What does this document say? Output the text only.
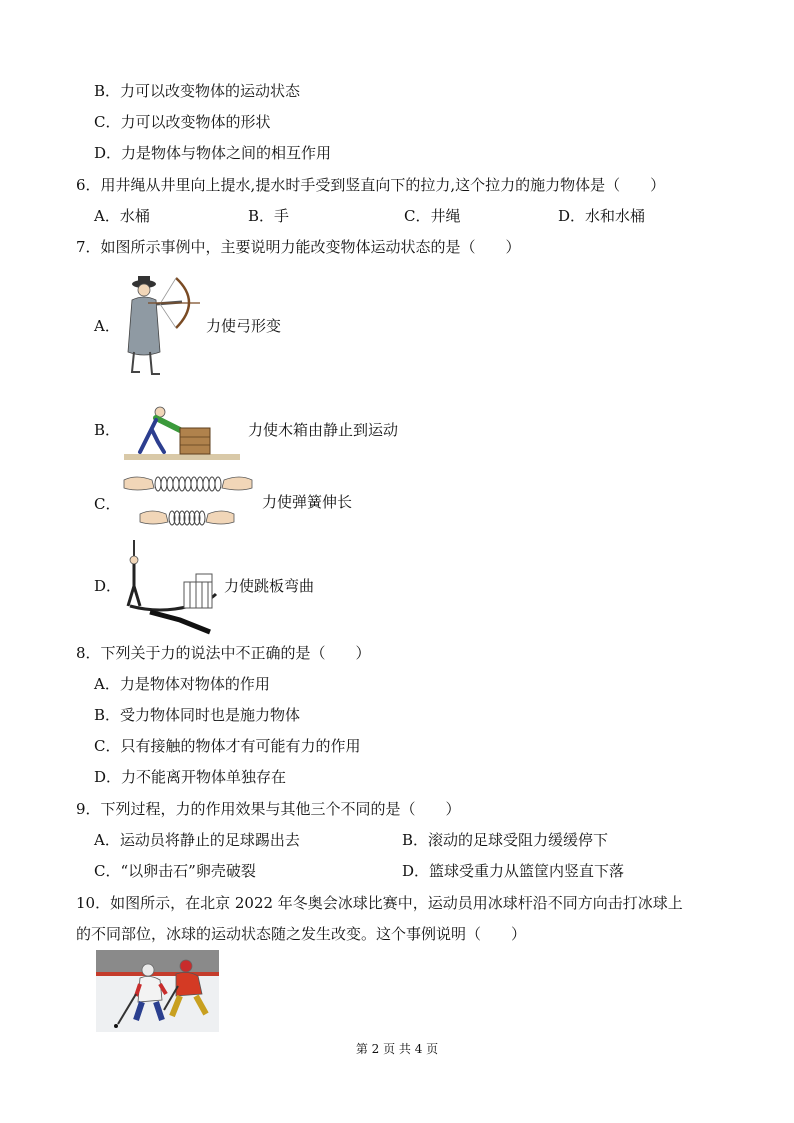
B．力可以改变物体的运动状态
C．力可以改变物体的形状
D．力是物体与物体之间的相互作用
6．用井绳从井里向上提水,提水时手受到竖直向下的拉力,这个拉力的施力物体是（　　）
A．水桶	B．手	C．井绳	D．水和水桶
7．如图所示事例中，主要说明力能改变物体运动状态的是（　　）
A．	力使弓形变
B．	力使木箱由静止到运动
C．	力使弹簧伸长
D．	力使跳板弯曲
8．下列关于力的说法中不正确的是（　　）
A．力是物体对物体的作用
B．受力物体同时也是施力物体
C．只有接触的物体才有可能有力的作用
D．力不能离开物体单独存在
9．下列过程，力的作用效果与其他三个不同的是（　　）
A．运动员将静止的足球踢出去	B．滚动的足球受阻力缓缓停下
C．“以卵击石”卵壳破裂	D．篮球受重力从篮筐内竖直下落
10．如图所示，在北京 2022 年冬奥会冰球比赛中，运动员用冰球杆沿不同方向击打冰球上
的不同部位，冰球的运动状态随之发生改变。这个事例说明（　　）
第 2 页 共 4 页
